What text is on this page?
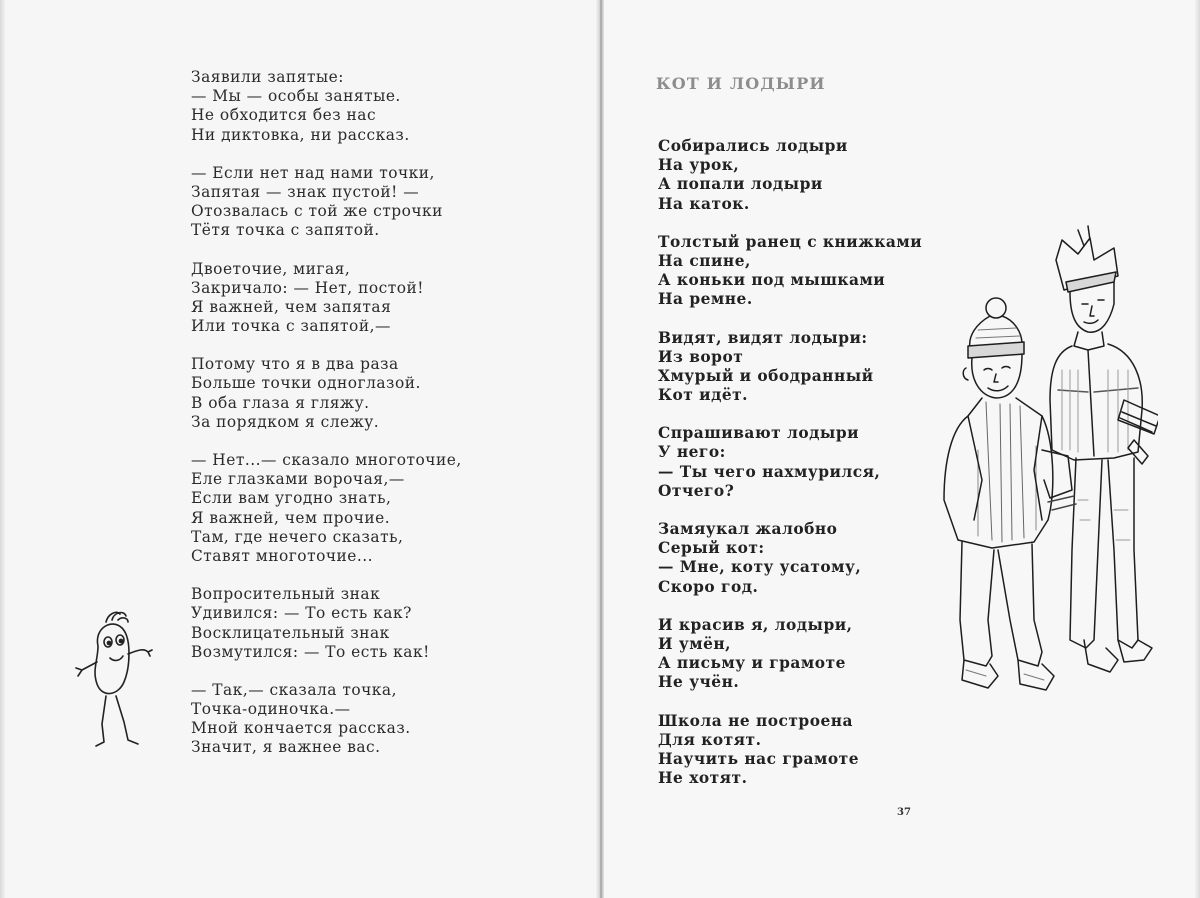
Заявили запятые:
— Мы — особы занятые.
Не обходится без нас
Ни диктовка, ни рассказ.
— Если нет над нами точки,
Запятая — знак пустой! —
Отозвалась с той же строчки
Тётя точка с запятой.
Двоеточие, мигая,
Закричало: — Нет, постой!
Я важней, чем запятая
Или точка с запятой,—
Потому что я в два раза
Больше точки одноглазой.
В оба глаза я гляжу.
За порядком я слежу.
— Нет...— сказало многоточие,
Еле глазками ворочая,—
Если вам угодно знать,
Я важней, чем прочие.
Там, где нечего сказать,
Ставят многоточие...
Вопросительный знак
Удивился: — То есть как?
Восклицательный знак
Возмутился: — То есть как!
— Так,— сказала точка,
Точка-одиночка.—
Мной кончается рассказ.
Значит, я важнее вас.
КОТ И ЛОДЫРИ
Собирались лодыри
На урок,
А попали лодыри
На каток.
Толстый ранец с книжками
На спине,
А коньки под мышками
На ремне.
Видят, видят лодыри:
Из ворот
Хмурый и ободранный
Кот идёт.
Спрашивают лодыри
У него:
— Ты чего нахмурился,
Отчего?
Замяукал жалобно
Серый кот:
— Мне, коту усатому,
Скоро год.
И красив я, лодыри,
И умён,
А письму и грамоте
Не учён.
Школа не построена
Для котят.
Научить нас грамоте
Не хотят.
37
